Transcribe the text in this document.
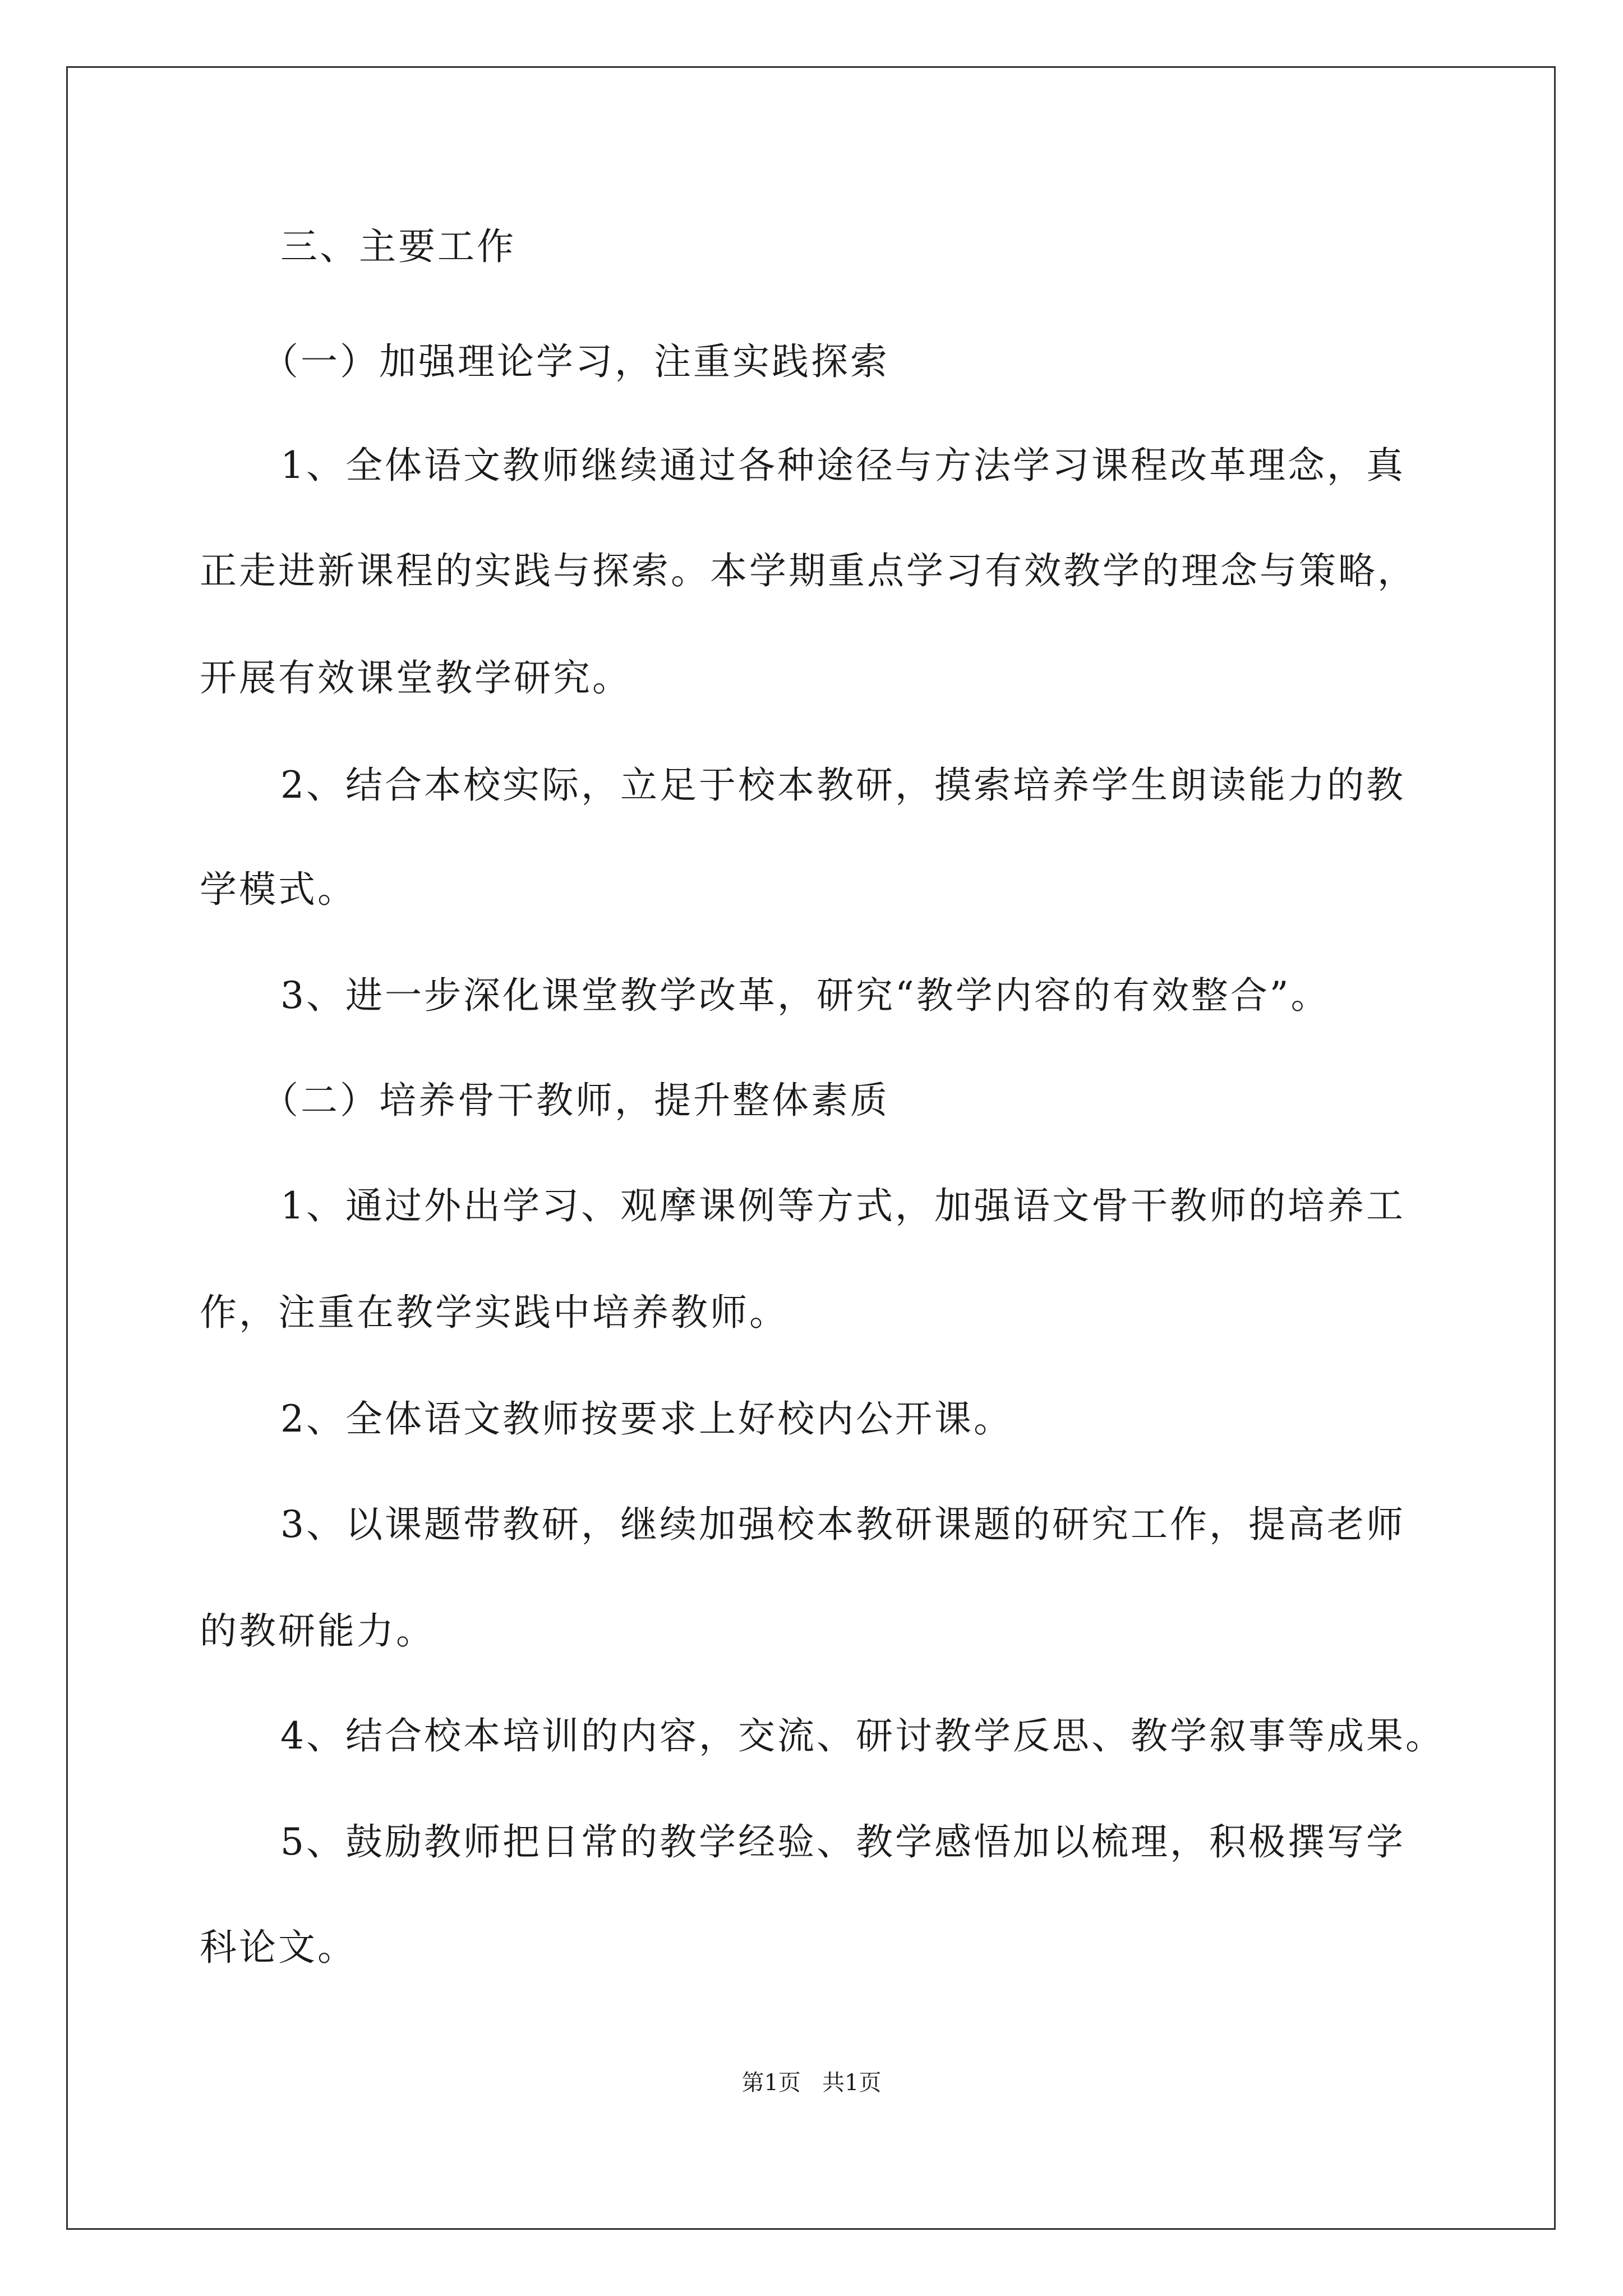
三、主要工作
（一）加强理论学习，注重实践探索
1、全体语文教师继续通过各种途径与方法学习课程改革理念，真
正走进新课程的实践与探索。本学期重点学习有效教学的理念与策略，
开展有效课堂教学研究。
2、结合本校实际，立足于校本教研，摸索培养学生朗读能力的教
学模式。
3、进一步深化课堂教学改革，研究“教学内容的有效整合”。
（二）培养骨干教师，提升整体素质
1、通过外出学习、观摩课例等方式，加强语文骨干教师的培养工
作，注重在教学实践中培养教师。
2、全体语文教师按要求上好校内公开课。
3、以课题带教研，继续加强校本教研课题的研究工作，提高老师
的教研能力。
4、结合校本培训的内容，交流、研讨教学反思、教学叙事等成果。
5、鼓励教师把日常的教学经验、教学感悟加以梳理，积极撰写学
科论文。
第1页   共1页
